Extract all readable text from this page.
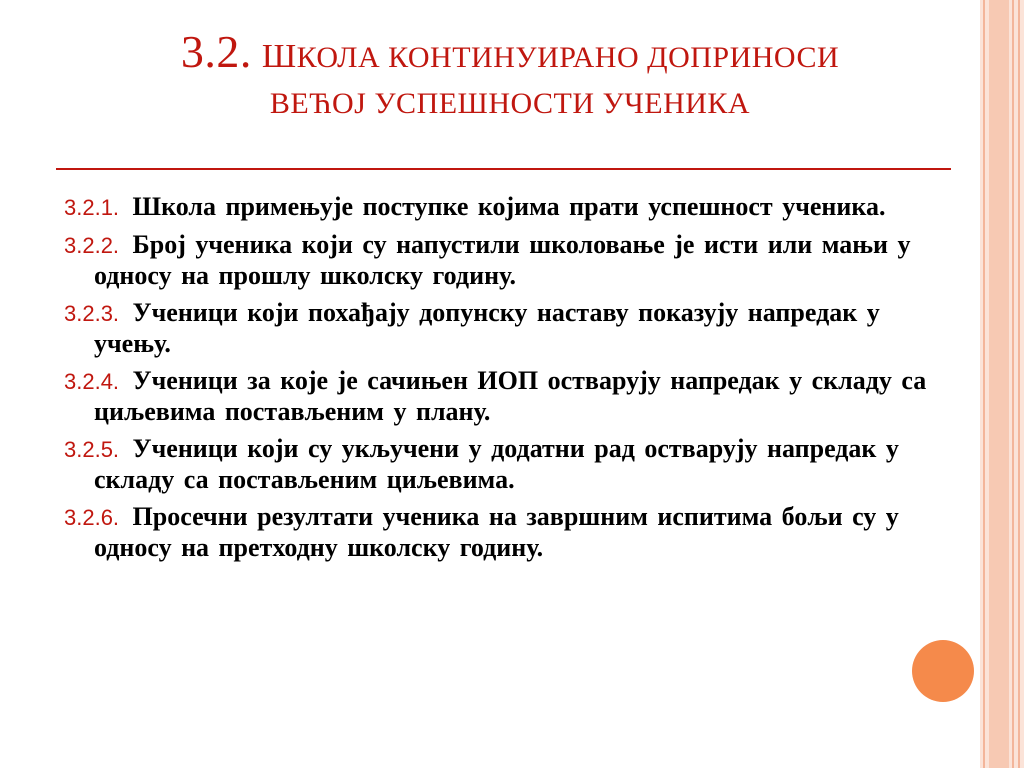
3.2. ШКОЛА КОНТИНУИРАНО ДОПРИНОСИ
ВЕЋОЈ УСПЕШНОСТИ УЧЕНИКА
3.2.1. Школа примењује поступке којима прати успешност ученика.
3.2.2. Број ученика који су напустили школовање је исти или мањи у односу на прошлу школску годину.
3.2.3. Ученици који похађају допунску наставу показују напредак у учењу.
3.2.4. Ученици за које је сачињен ИОП остварују напредак у складу са циљевима постављеним у плану.
3.2.5. Ученици који су укључени у додатни рад остварују напредак у складу са постављеним циљевима.
3.2.6. Просечни резултати ученика на завршним испитима бољи су у односу на претходну школску годину.
